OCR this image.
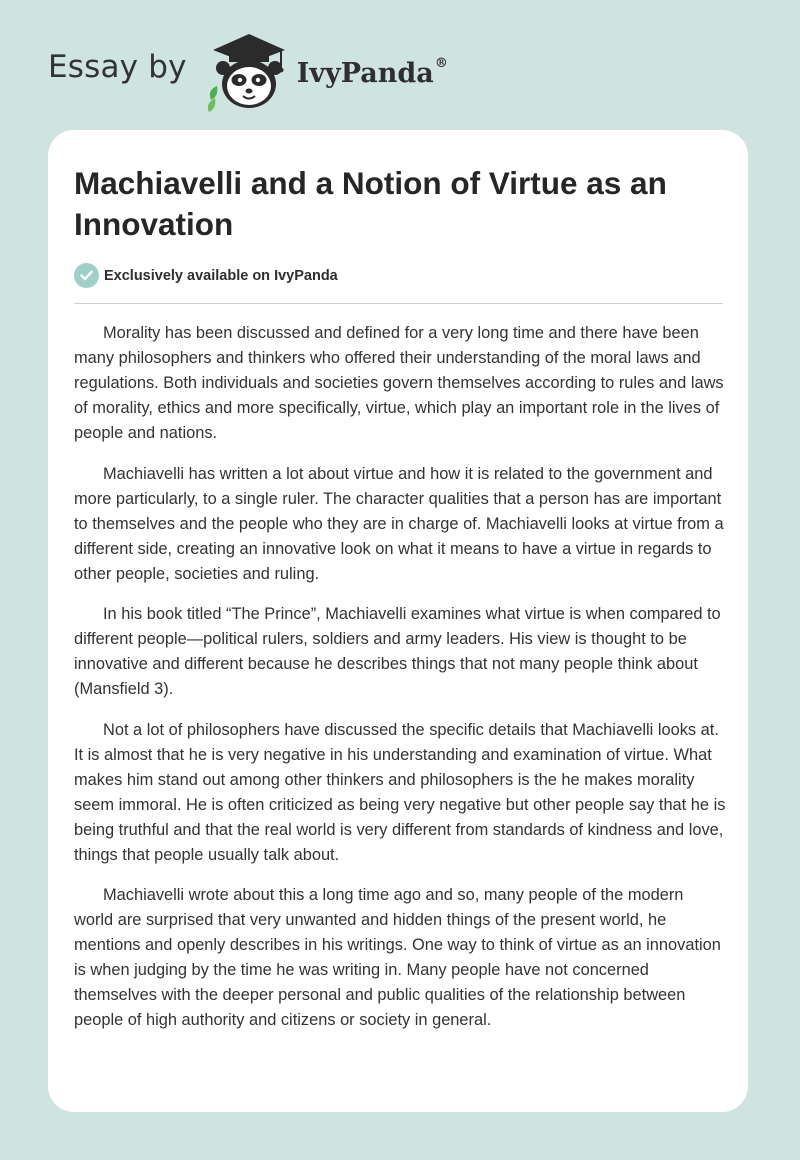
Essay by	IvyPanda®
Machiavelli and a Notion of Virtue as an Innovation
Exclusively available on IvyPanda

Morality has been discussed and defined for a very long time and there have been many philosophers and thinkers who offered their understanding of the moral laws and regulations. Both individuals and societies govern themselves according to rules and laws of morality, ethics and more specifically, virtue, which play an important role in the lives of people and nations.

Machiavelli has written a lot about virtue and how it is related to the government and more particularly, to a single ruler. The character qualities that a person has are important to themselves and the people who they are in charge of. Machiavelli looks at virtue from a different side, creating an innovative look on what it means to have a virtue in regards to other people, societies and ruling.

In his book titled “The Prince”, Machiavelli examines what virtue is when compared to different people—political rulers, soldiers and army leaders. His view is thought to be innovative and different because he describes things that not many people think about (Mansfield 3).

Not a lot of philosophers have discussed the specific details that Machiavelli looks at. It is almost that he is very negative in his understanding and examination of virtue. What makes him stand out among other thinkers and philosophers is the he makes morality seem immoral. He is often criticized as being very negative but other people say that he is being truthful and that the real world is very different from standards of kindness and love, things that people usually talk about.

Machiavelli wrote about this a long time ago and so, many people of the modern world are surprised that very unwanted and hidden things of the present world, he mentions and openly describes in his writings. One way to think of virtue as an innovation is when judging by the time he was writing in. Many people have not concerned themselves with the deeper personal and public qualities of the relationship between people of high authority and citizens or society in general.
